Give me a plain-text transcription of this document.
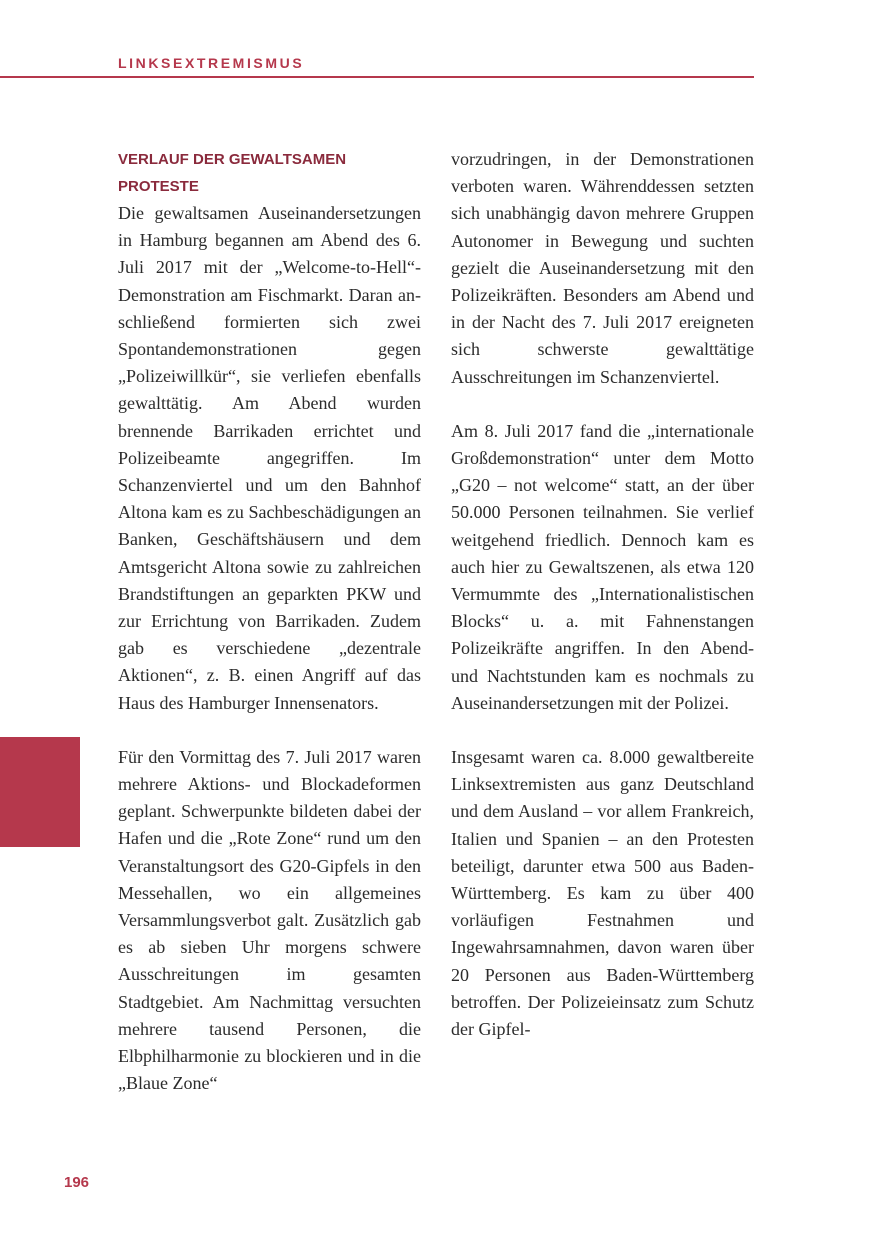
LINKSEXTREMISMUS
VERLAUF DER GEWALTSAMEN PROTESTE

Die gewaltsamen Auseinandersetzungen in Hamburg begannen am Abend des 6. Juli 2017 mit der „Welcome-to-Hell“-Demonstration am Fischmarkt. Daran an-schließend formierten sich zwei Spontandemonstrationen gegen „Polizeiwillkür“, sie verliefen ebenfalls gewalttätig. Am Abend wurden brennende Barrikaden errichtet und Polizeibeamte angegriffen. Im Schanzenviertel und um den Bahnhof Altona kam es zu Sachbeschädigungen an Banken, Geschäftshäusern und dem Amtsgericht Altona sowie zu zahlreichen Brandstiftungen an geparkten PKW und zur Errichtung von Barrikaden. Zudem gab es verschiedene „dezentrale Aktionen“, z. B. einen Angriff auf das Haus des Hamburger Innensenators.

Für den Vormittag des 7. Juli 2017 waren mehrere Aktions- und Blockadeformen geplant. Schwerpunkte bildeten dabei der Hafen und die „Rote Zone“ rund um den Veranstaltungsort des G20-Gipfels in den Messehallen, wo ein allgemeines Versammlungsverbot galt. Zusätzlich gab es ab sieben Uhr morgens schwere Ausschreitungen im gesamten Stadtgebiet. Am Nachmittag versuchten mehrere tausend Personen, die Elbphilharmonie zu blockieren und in die „Blaue Zone“

vorzudringen, in der Demonstrationen verboten waren. Währenddessen setzten sich unabhängig davon mehrere Gruppen Autonomer in Bewegung und suchten gezielt die Auseinandersetzung mit den Polizeikräften. Besonders am Abend und in der Nacht des 7. Juli 2017 ereigneten sich schwerste gewalttätige Ausschreitungen im Schanzenviertel.

Am 8. Juli 2017 fand die „internationale Großdemonstration“ unter dem Motto „G20 – not welcome“ statt, an der über 50.000 Personen teilnahmen. Sie verlief weitgehend friedlich. Dennoch kam es auch hier zu Gewaltszenen, als etwa 120 Vermummte des „Internationalistischen Blocks“ u. a. mit Fahnenstangen Polizeikräfte angriffen. In den Abend- und Nachtstunden kam es nochmals zu Auseinandersetzungen mit der Polizei.

Insgesamt waren ca. 8.000 gewaltbereite Linksextremisten aus ganz Deutschland und dem Ausland – vor allem Frankreich, Italien und Spanien – an den Protesten beteiligt, darunter etwa 500 aus Baden-Württemberg. Es kam zu über 400 vorläufigen Festnahmen und Ingewahrsamnahmen, davon waren über 20 Personen aus Baden-Württemberg betroffen. Der Polizeieinsatz zum Schutz der Gipfel-

196
